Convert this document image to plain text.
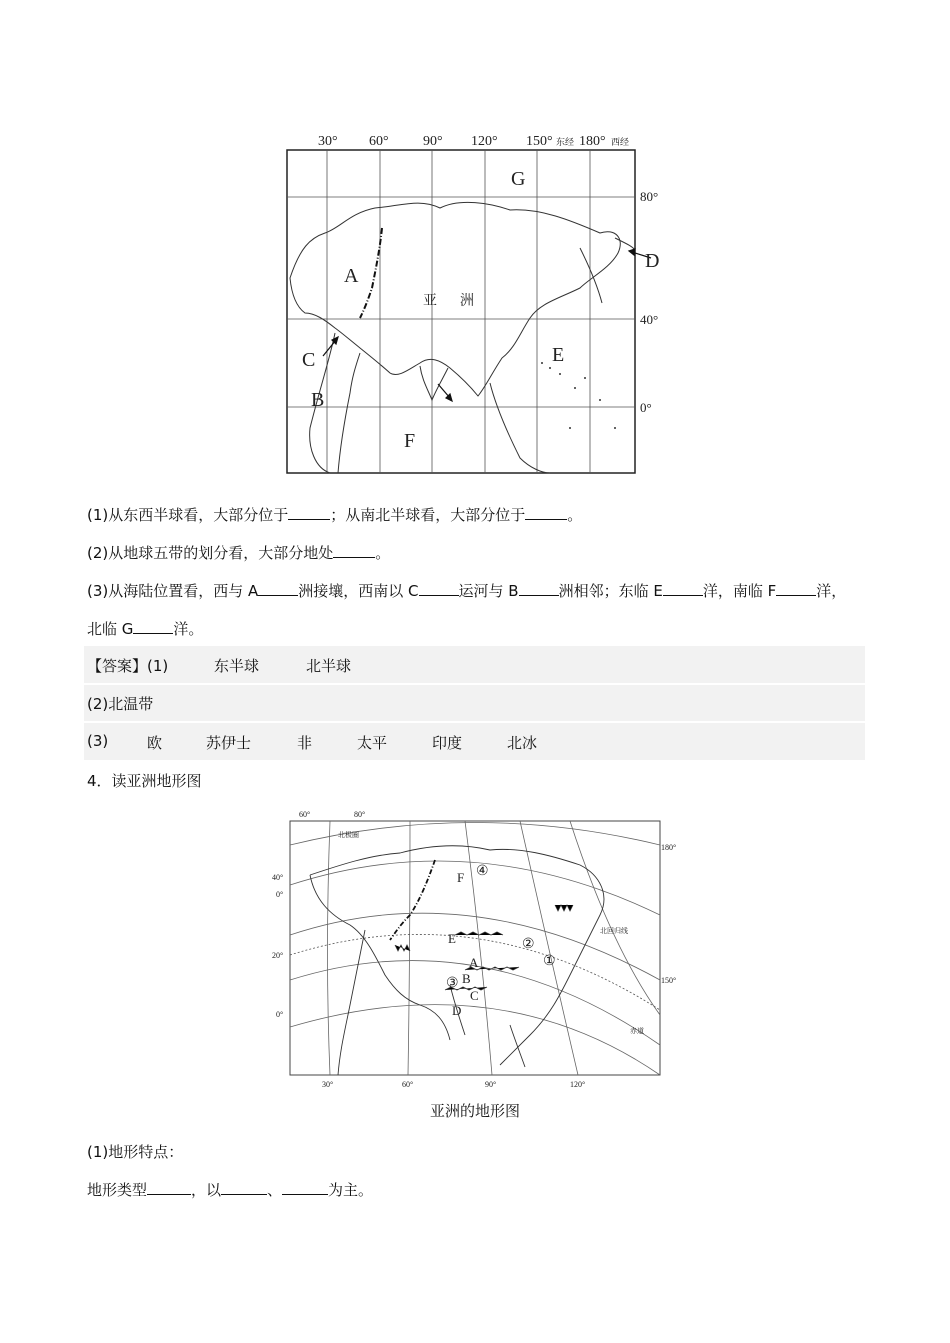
30° 60° 90° 120° 150° 东经 180° 西经
80°
40°
0°
A
B
C
D
E
F
G
亚 洲
(1)从东西半球看，大部分位于	；从南北半球看，大部分位于	。
(2)从地球五带的划分看，大部分地处	。
(3)从海陆位置看，西与 A	洲接壤，西南以 C	运河与 B	洲相邻；东临 E	洋，南临 F	洋，
北临 G	洋。
【答案】(1)	东半球	北半球
(2)北温带
(3)	欧	苏伊士	非	太平	印度	北冰
4．读亚洲地形图
60°	80°
40°
0°
20°
0°
30°	60°	90°	120°
180°
150°
北极圈
北回归线
赤道
F
E
A
B
C
D
④
②
①
③
亚洲的地形图
(1)地形特点：
地形类型	，以	、	为主。
